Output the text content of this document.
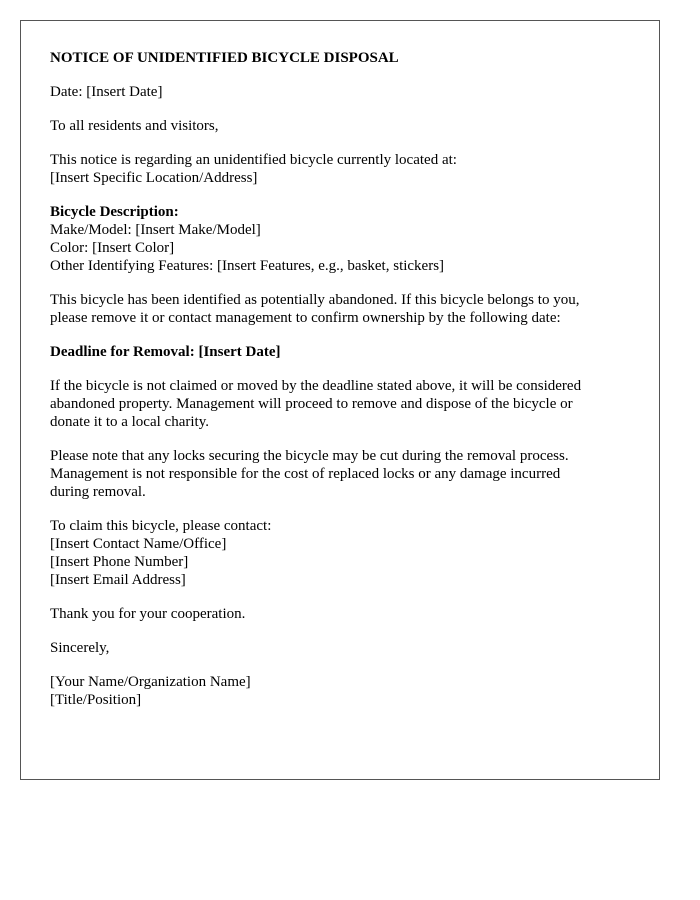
NOTICE OF UNIDENTIFIED BICYCLE DISPOSAL
Date: [Insert Date]
To all residents and visitors,
This notice is regarding an unidentified bicycle currently located at:
[Insert Specific Location/Address]
Bicycle Description:
Make/Model: [Insert Make/Model]
Color: [Insert Color]
Other Identifying Features: [Insert Features, e.g., basket, stickers]
This bicycle has been identified as potentially abandoned. If this bicycle belongs to you,
please remove it or contact management to confirm ownership by the following date:
Deadline for Removal: [Insert Date]
If the bicycle is not claimed or moved by the deadline stated above, it will be considered
abandoned property. Management will proceed to remove and dispose of the bicycle or
donate it to a local charity.
Please note that any locks securing the bicycle may be cut during the removal process.
Management is not responsible for the cost of replaced locks or any damage incurred
during removal.
To claim this bicycle, please contact:
[Insert Contact Name/Office]
[Insert Phone Number]
[Insert Email Address]
Thank you for your cooperation.
Sincerely,
[Your Name/Organization Name]
[Title/Position]
